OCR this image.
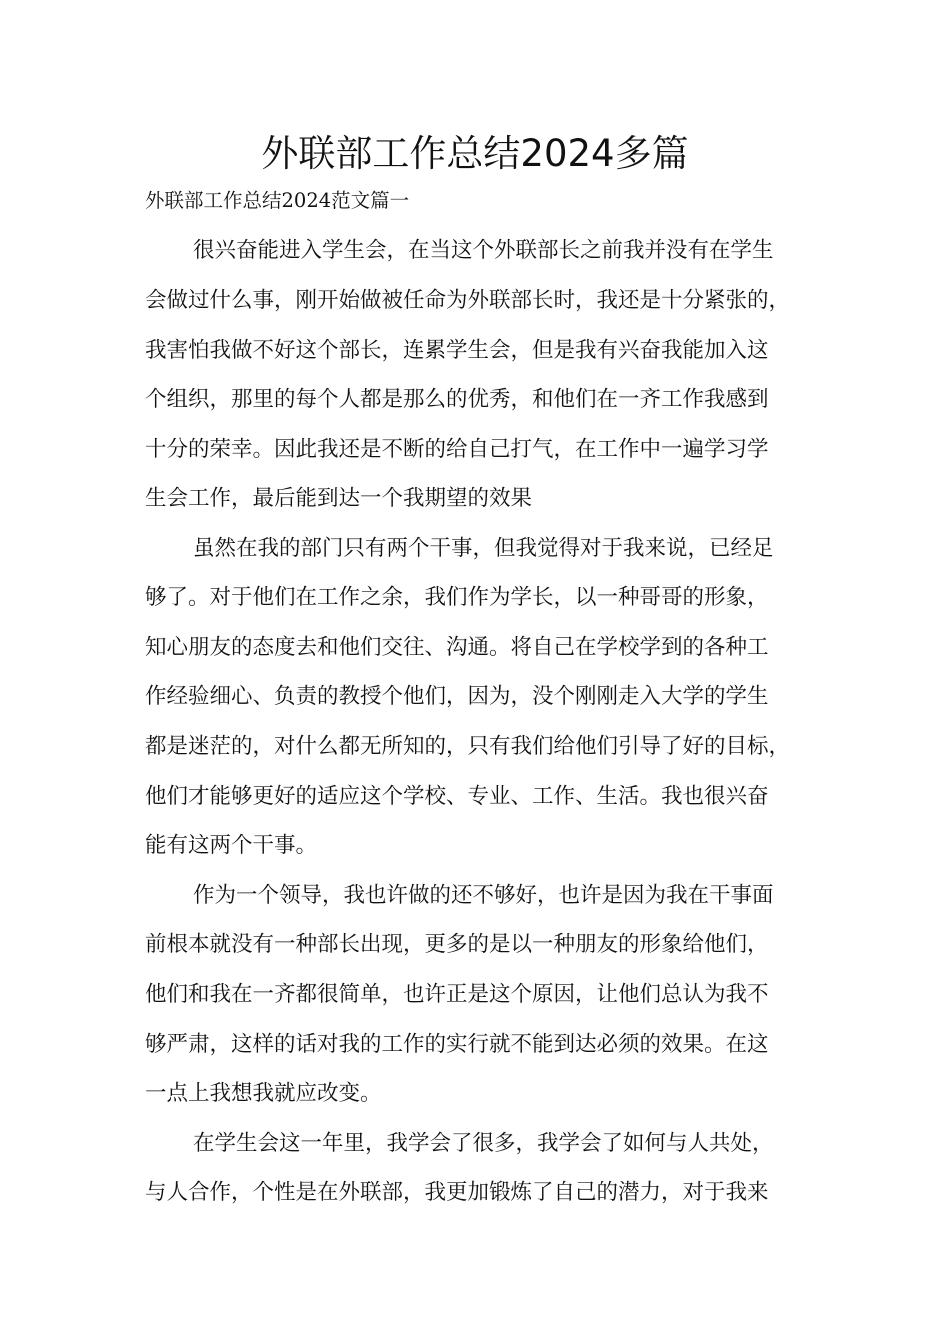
外联部工作总结2024多篇
外联部工作总结2024范文篇一

很兴奋能进入学生会，在当这个外联部长之前我并没有在学生

会做过什么事，刚开始做被任命为外联部长时，我还是十分紧张的，

我害怕我做不好这个部长，连累学生会，但是我有兴奋我能加入这

个组织，那里的每个人都是那么的优秀，和他们在一齐工作我感到

十分的荣幸。因此我还是不断的给自己打气，在工作中一遍学习学

生会工作，最后能到达一个我期望的效果

虽然在我的部门只有两个干事，但我觉得对于我来说，已经足

够了。对于他们在工作之余，我们作为学长，以一种哥哥的形象，

知心朋友的态度去和他们交往、沟通。将自己在学校学到的各种工

作经验细心、负责的教授个他们，因为，没个刚刚走入大学的学生

都是迷茫的，对什么都无所知的，只有我们给他们引导了好的目标，

他们才能够更好的适应这个学校、专业、工作、生活。我也很兴奋

能有这两个干事。

作为一个领导，我也许做的还不够好，也许是因为我在干事面

前根本就没有一种部长出现，更多的是以一种朋友的形象给他们，

他们和我在一齐都很简单，也许正是这个原因，让他们总认为我不

够严肃，这样的话对我的工作的实行就不能到达必须的效果。在这

一点上我想我就应改变。

在学生会这一年里，我学会了很多，我学会了如何与人共处，

与人合作，个性是在外联部，我更加锻炼了自己的潜力，对于我来
